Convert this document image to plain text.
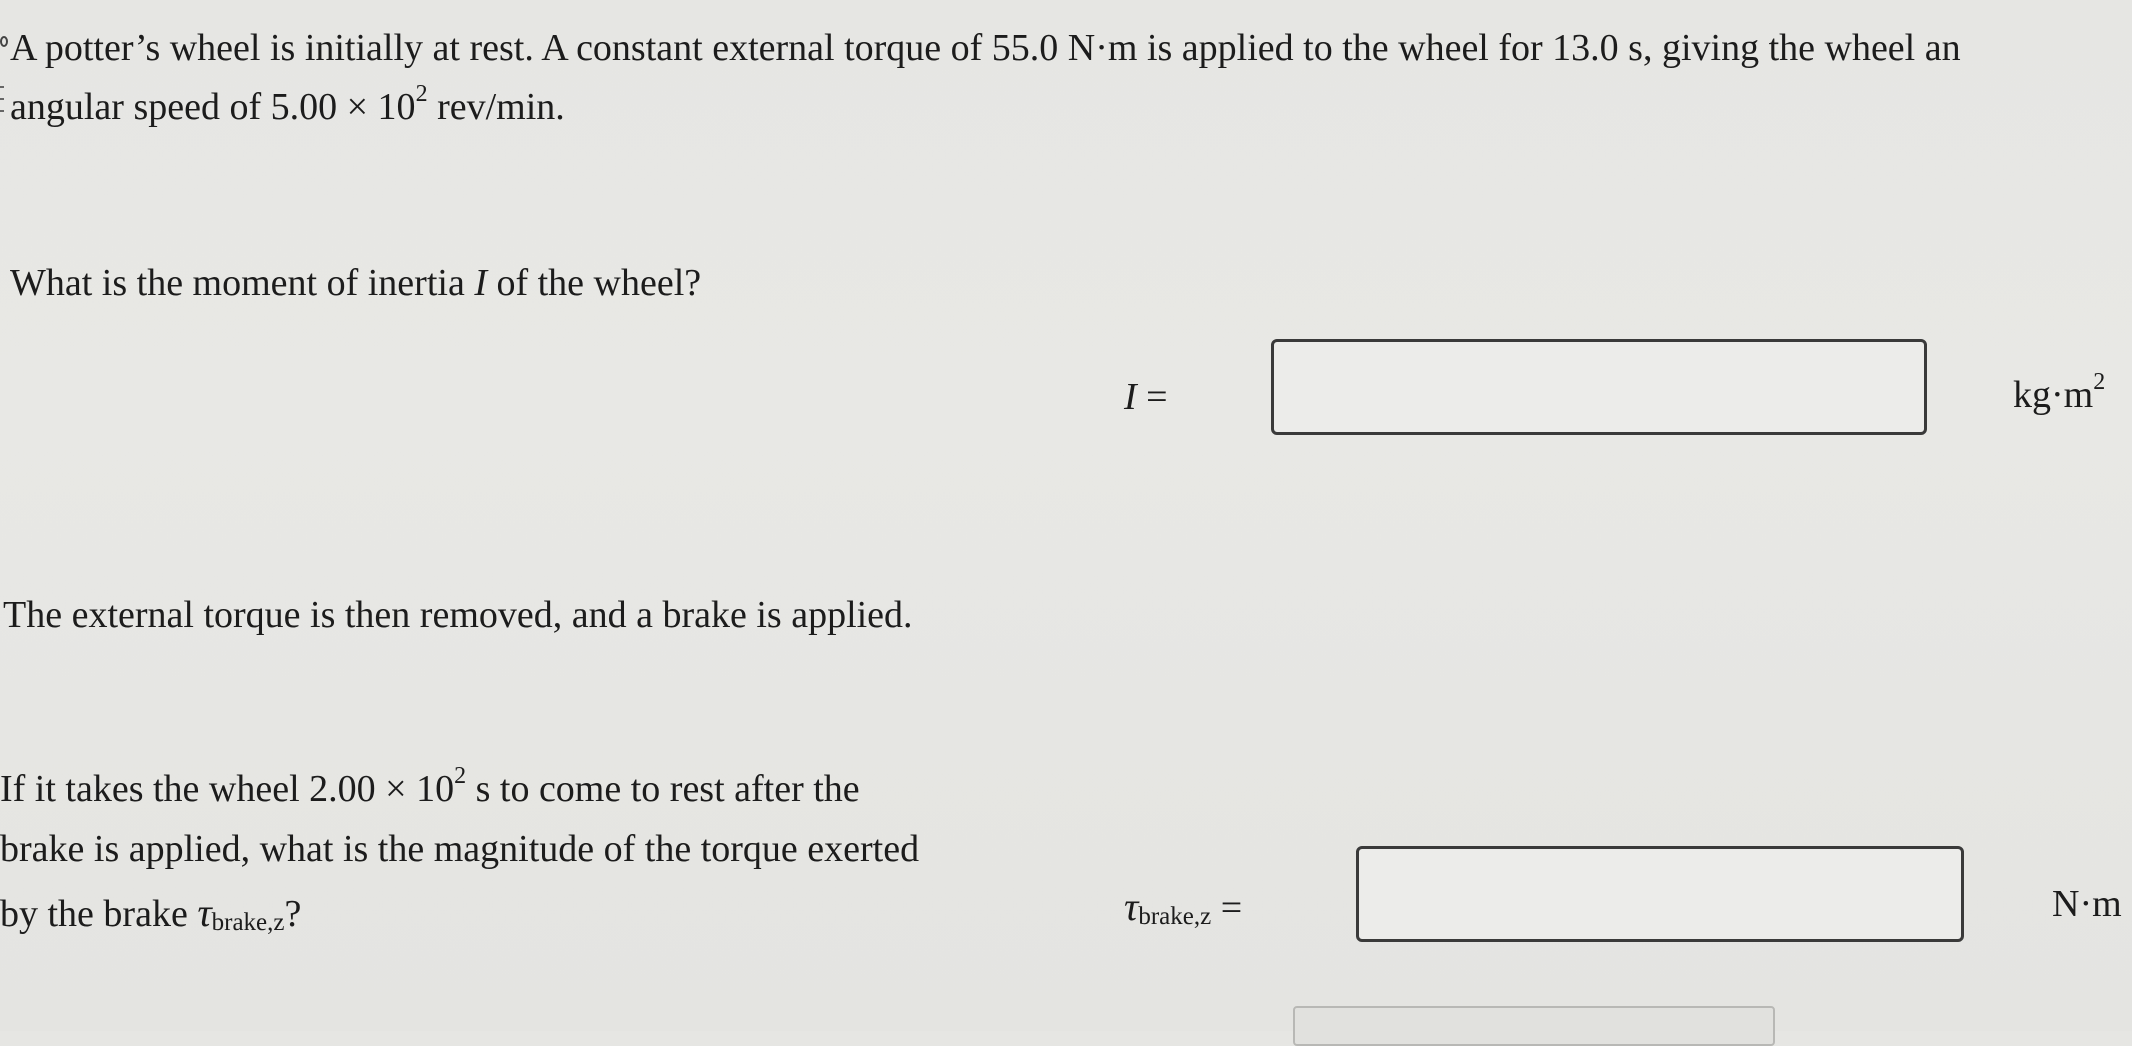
A potter’s wheel is initially at rest. A constant external torque of 55.0 N·m is applied to the wheel for 13.0 s, giving the wheel an
angular speed of $5.00 \times 10^2$ rev/min.
What is the moment of inertia I of the wheel?
I =	$kg\cdot m^2$
The external torque is then removed, and a brake is applied.
If it takes the wheel $2.00 \times 10^2$ s to come to rest after the
brake is applied, what is the magnitude of the torque exerted
by the brake τbrake,z?	τbrake,z =	N·m
